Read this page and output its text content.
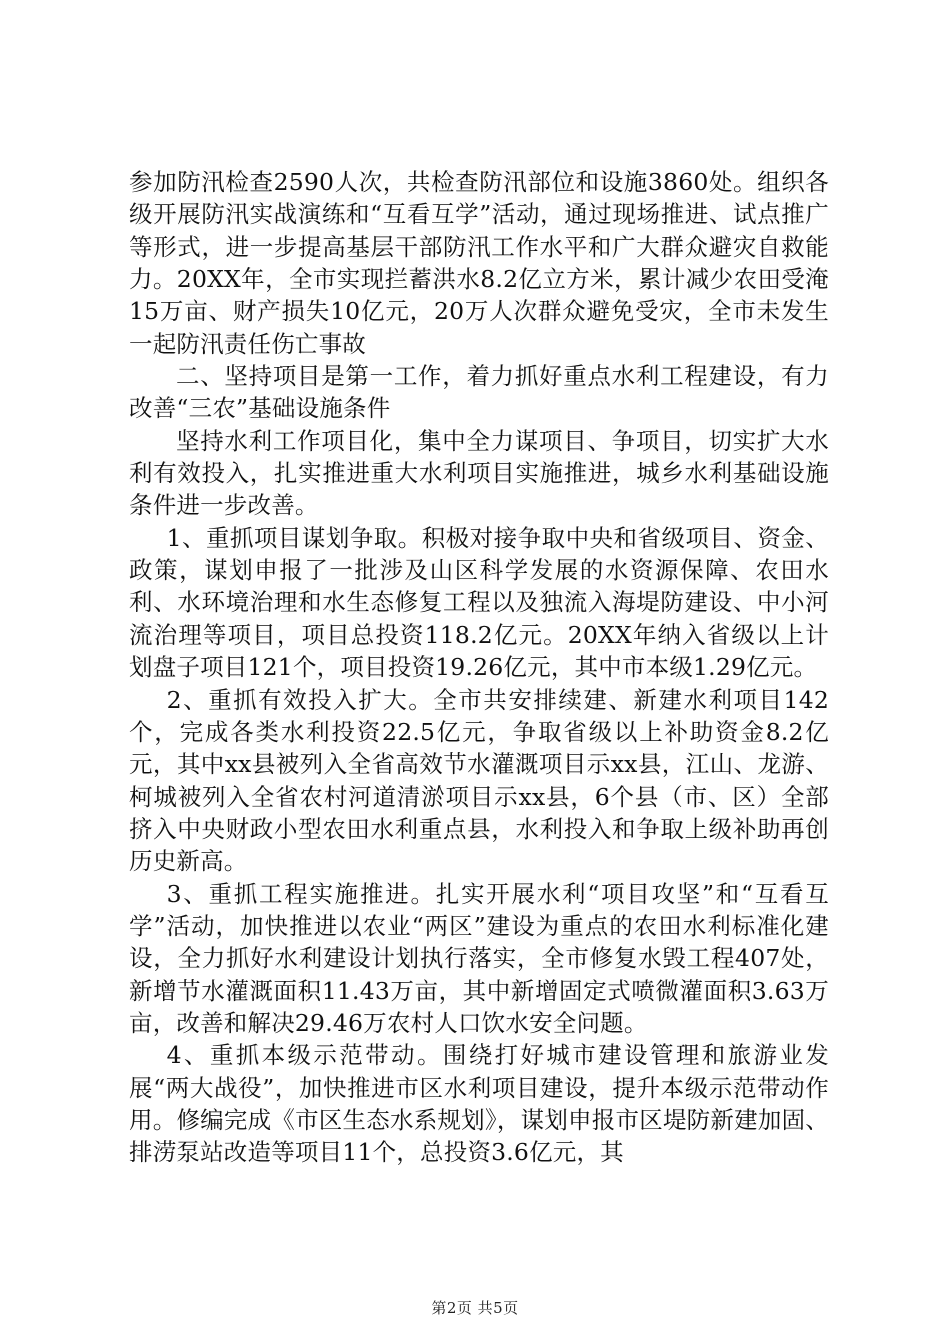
参加防汛检查2590人次，共检查防汛部位和设施3860处。组织各级开展防汛实战演练和“互看互学”活动，通过现场推进、试点推广等形式，进一步提高基层干部防汛工作水平和广大群众避灾自救能力。20XX年，全市实现拦蓄洪水8.2亿立方米，累计减少农田受淹15万亩、财产损失10亿元，20万人次群众避免受灾，全市未发生一起防汛责任伤亡事故

二、坚持项目是第一工作，着力抓好重点水利工程建设，有力改善“三农”基础设施条件

坚持水利工作项目化，集中全力谋项目、争项目，切实扩大水利有效投入，扎实推进重大水利项目实施推进，城乡水利基础设施条件进一步改善。

1、重抓项目谋划争取。积极对接争取中央和省级项目、资金、政策，谋划申报了一批涉及山区科学发展的水资源保障、农田水利、水环境治理和水生态修复工程以及独流入海堤防建设、中小河流治理等项目，项目总投资118.2亿元。20XX年纳入省级以上计划盘子项目121个，项目投资19.26亿元，其中市本级1.29亿元。

2、重抓有效投入扩大。全市共安排续建、新建水利项目142个，完成各类水利投资22.5亿元，争取省级以上补助资金8.2亿元，其中xx县被列入全省高效节水灌溉项目示xx县，江山、龙游、柯城被列入全省农村河道清淤项目示xx县，6个县（市、区）全部挤入中央财政小型农田水利重点县，水利投入和争取上级补助再创历史新高。

3、重抓工程实施推进。扎实开展水利“项目攻坚”和“互看互学”活动，加快推进以农业“两区”建设为重点的农田水利标准化建设，全力抓好水利建设计划执行落实，全市修复水毁工程407处，新增节水灌溉面积11.43万亩，其中新增固定式喷微灌面积3.63万亩，改善和解决29.46万农村人口饮水安全问题。

4、重抓本级示范带动。围绕打好城市建设管理和旅游业发展“两大战役”，加快推进市区水利项目建设，提升本级示范带动作用。修编完成《市区生态水系规划》，谋划申报市区堤防新建加固、排涝泵站改造等项目11个，总投资3.6亿元，其

第2页 共5页
